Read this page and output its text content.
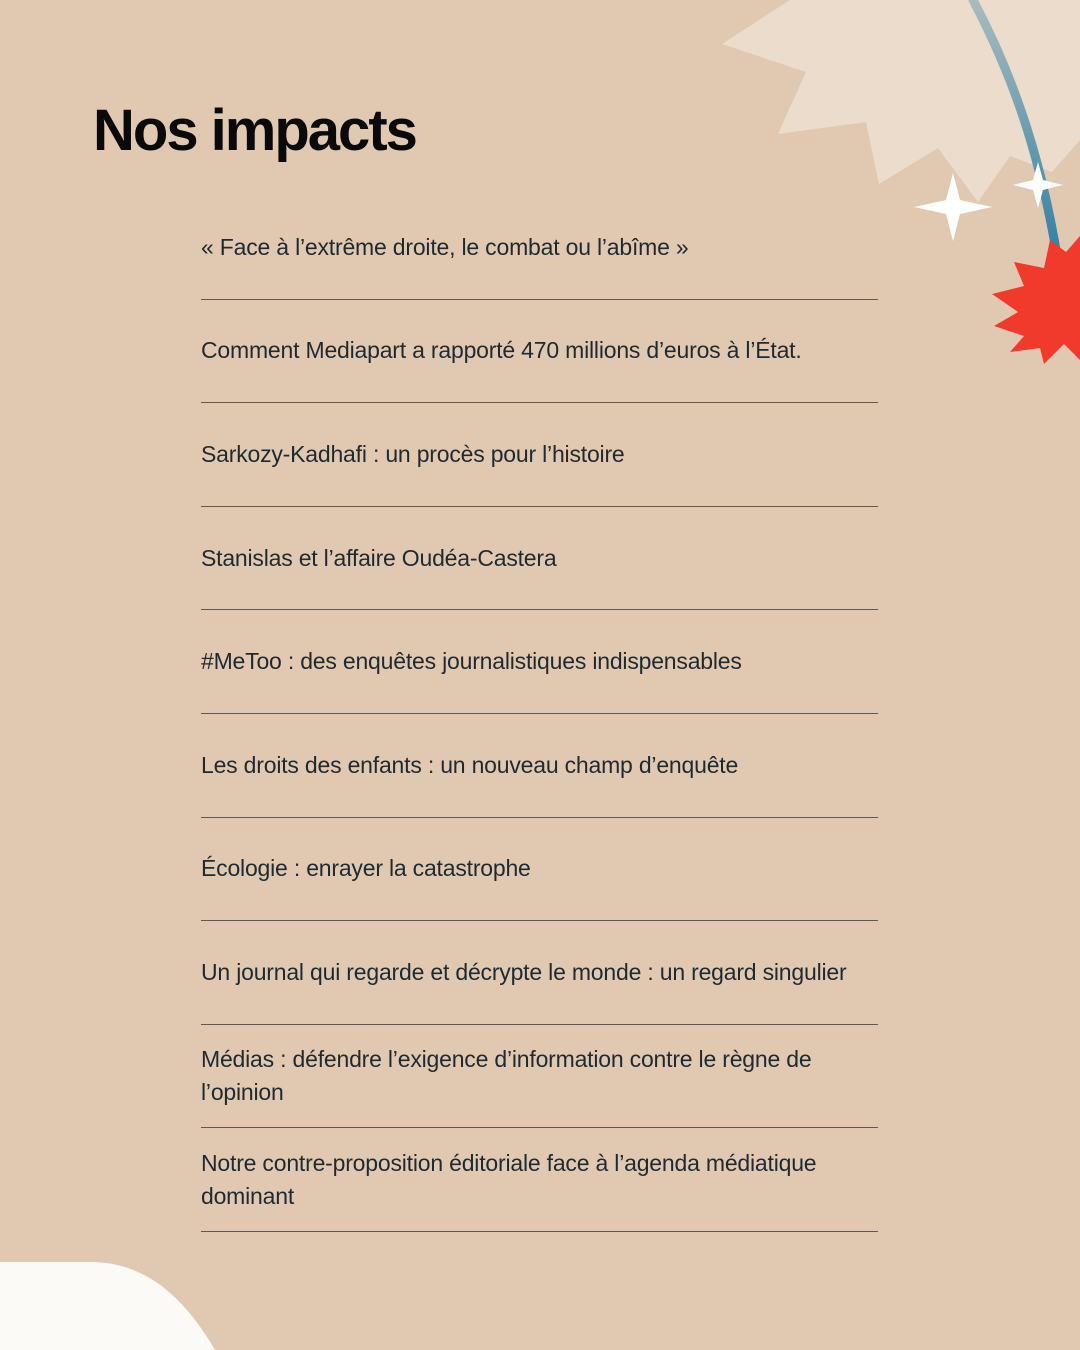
Nos impacts
« Face à l’extrême droite, le combat ou l’abîme »
Comment Mediapart a rapporté 470 millions d’euros à l’État.
Sarkozy-Kadhafi : un procès pour l’histoire
Stanislas et l’affaire Oudéa-Castera
#MeToo : des enquêtes journalistiques indispensables
Les droits des enfants : un nouveau champ d’enquête
Écologie : enrayer la catastrophe
Un journal qui regarde et décrypte le monde : un regard singulier
Médias : défendre l’exigence d’information contre le règne de l’opinion
Notre contre-proposition éditoriale face à l’agenda médiatique dominant
